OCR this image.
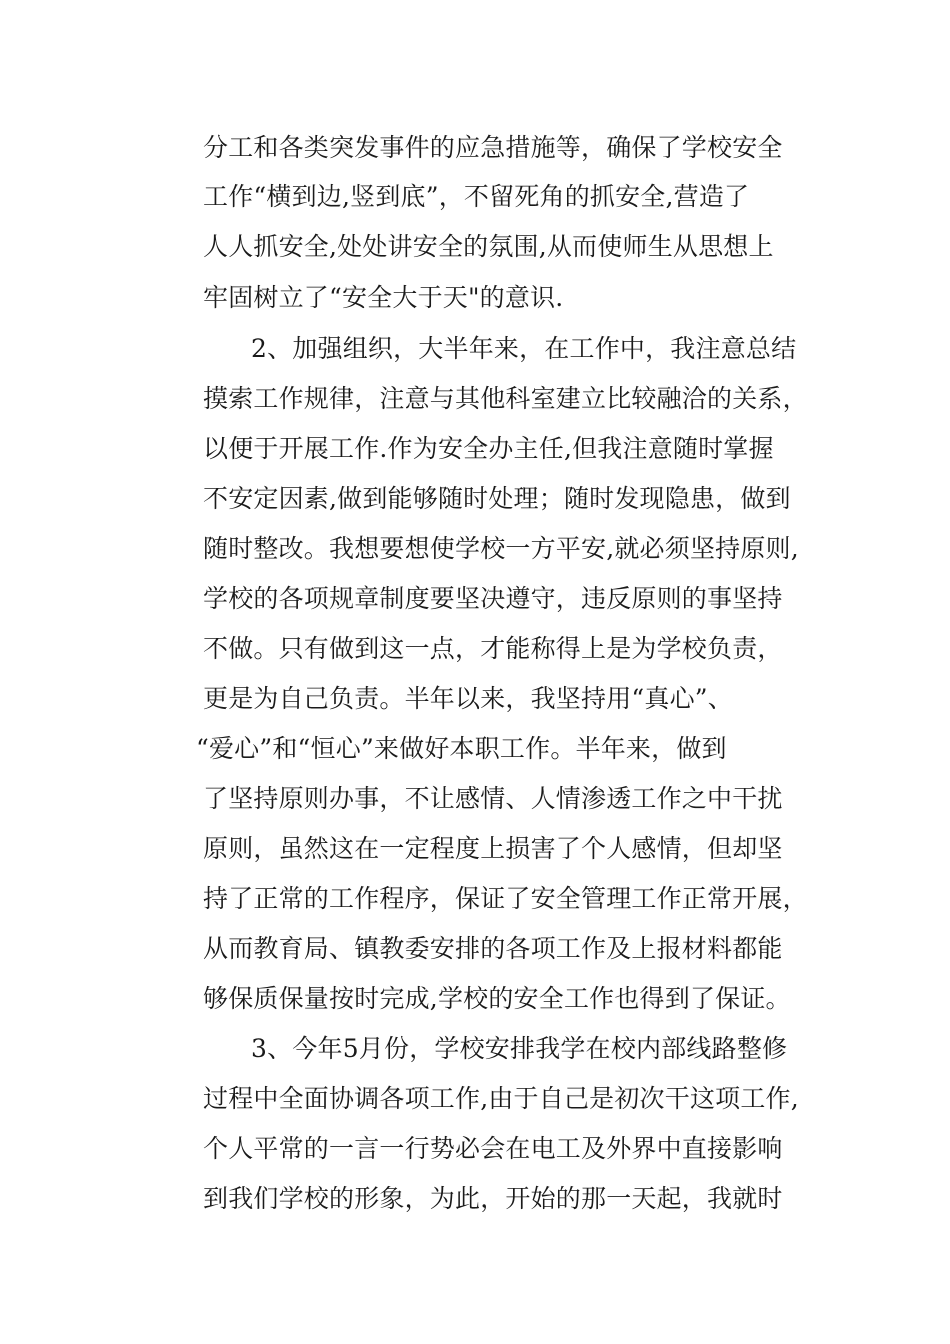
分工和各类突发事件的应急措施等，确保了学校安全
工作“横到边,竖到底”，不留死角的抓安全,营造了
人人抓安全,处处讲安全的氛围,从而使师生从思想上
牢固树立了“安全大于天"的意识.
2、加强组织，大半年来，在工作中，我注意总结
摸索工作规律，注意与其他科室建立比较融洽的关系，
以便于开展工作.作为安全办主任,但我注意随时掌握
不安定因素,做到能够随时处理；随时发现隐患，做到
随时整改。我想要想使学校一方平安,就必须坚持原则,
学校的各项规章制度要坚决遵守，违反原则的事坚持
不做。只有做到这一点，才能称得上是为学校负责，
更是为自己负责。半年以来，我坚持用“真心”、
“爱心”和“恒心”来做好本职工作。半年来，做到
了坚持原则办事，不让感情、人情渗透工作之中干扰
原则，虽然这在一定程度上损害了个人感情，但却坚
持了正常的工作程序，保证了安全管理工作正常开展，
从而教育局、镇教委安排的各项工作及上报材料都能
够保质保量按时完成,学校的安全工作也得到了保证。
3、今年5月份，学校安排我学在校内部线路整修
过程中全面协调各项工作,由于自己是初次干这项工作,
个人平常的一言一行势必会在电工及外界中直接影响
到我们学校的形象，为此，开始的那一天起，我就时
